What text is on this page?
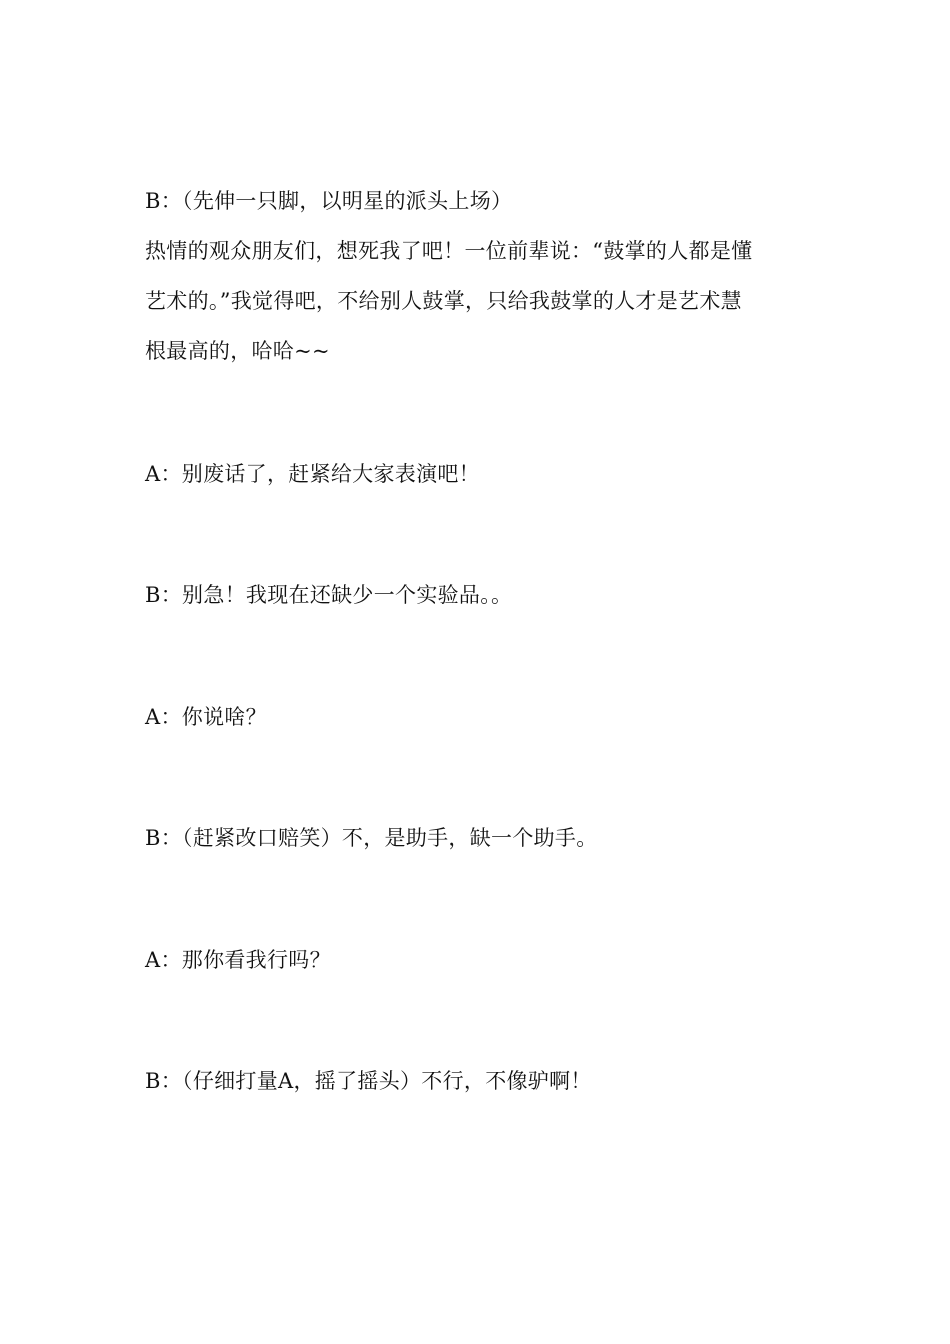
B：（先伸一只脚，以明星的派头上场）
热情的观众朋友们，想死我了吧！一位前辈说：“鼓掌的人都是懂
艺术的。”我觉得吧，不给别人鼓掌，只给我鼓掌的人才是艺术慧
根最高的，哈哈~~
A：别废话了，赶紧给大家表演吧！
B：别急！我现在还缺少一个实验品。。
A：你说啥？
B：（赶紧改口赔笑）不，是助手，缺一个助手。
A：那你看我行吗？
B：（仔细打量A，摇了摇头）不行，不像驴啊！
